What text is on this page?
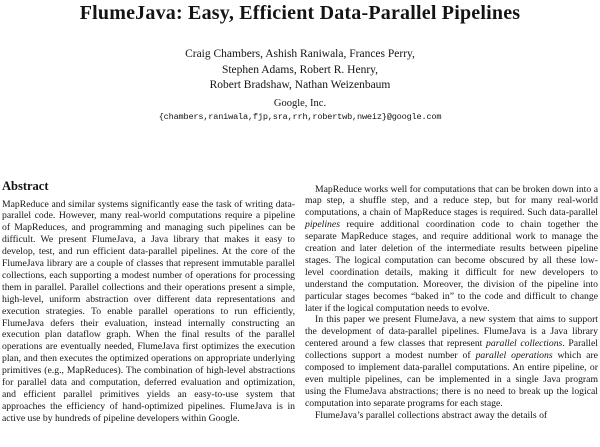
FlumeJava: Easy, Efficient Data-Parallel Pipelines
Craig Chambers, Ashish Raniwala, Frances Perry,
Stephen Adams, Robert R. Henry,
Robert Bradshaw, Nathan Weizenbaum
Google, Inc.
{chambers,raniwala,fjp,sra,rrh,robertwb,nweiz}@google.com
Abstract

MapReduce and similar systems significantly ease the task of writing data-parallel code. However, many real-world computations require a pipeline of MapReduces, and programming and managing such pipelines can be difficult. We present FlumeJava, a Java library that makes it easy to develop, test, and run efficient data-parallel pipelines. At the core of the FlumeJava library are a couple of classes that represent immutable parallel collections, each supporting a modest number of operations for processing them in parallel. Parallel collections and their operations present a simple, high-level, uniform abstraction over different data representations and execution strategies. To enable parallel operations to run efficiently, FlumeJava defers their evaluation, instead internally constructing an execution plan dataflow graph. When the final results of the parallel operations are eventually needed, FlumeJava first optimizes the execution plan, and then executes the optimized operations on appropriate underlying primitives (e.g., MapReduces). The combination of high-level abstractions for parallel data and computation, deferred evaluation and optimization, and efficient parallel primitives yields an easy-to-use system that approaches the efficiency of hand-optimized pipelines. FlumeJava is in active use by hundreds of pipeline developers within Google.

MapReduce works well for computations that can be broken down into a map step, a shuffle step, and a reduce step, but for many real-world computations, a chain of MapReduce stages is required. Such data-parallel pipelines require additional coordination code to chain together the separate MapReduce stages, and require additional work to manage the creation and later deletion of the intermediate results between pipeline stages. The logical computation can become obscured by all these low-level coordination details, making it difficult for new developers to understand the computation. Moreover, the division of the pipeline into particular stages becomes “baked in” to the code and difficult to change later if the logical computation needs to evolve.

In this paper we present FlumeJava, a new system that aims to support the development of data-parallel pipelines. FlumeJava is a Java library centered around a few classes that represent parallel collections. Parallel collections support a modest number of parallel operations which are composed to implement data-parallel computations. An entire pipeline, or even multiple pipelines, can be implemented in a single Java program using the FlumeJava abstractions; there is no need to break up the logical computation into separate programs for each stage.

FlumeJava’s parallel collections abstract away the details of
